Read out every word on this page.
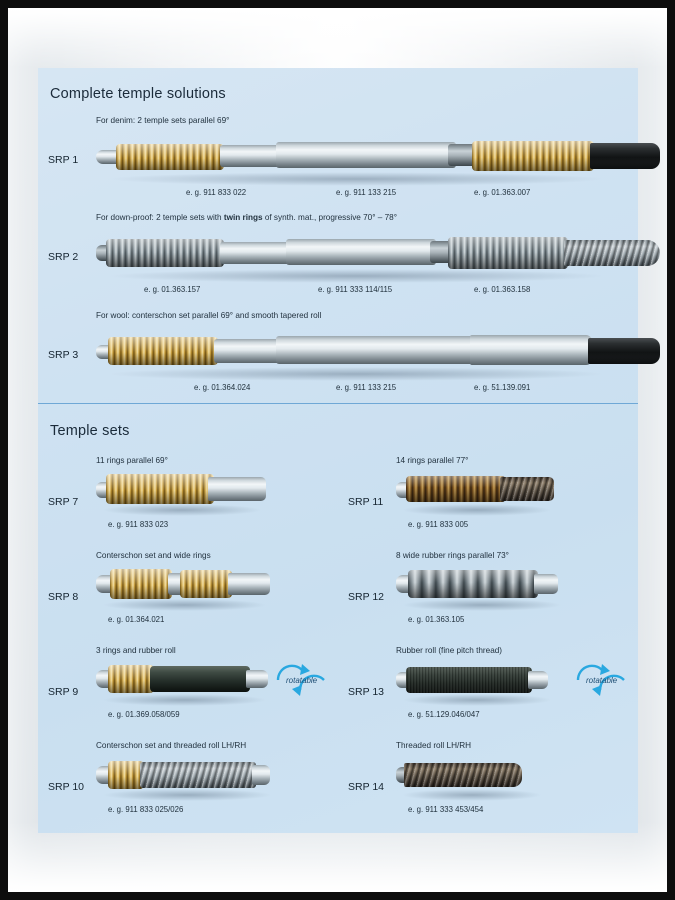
Complete temple solutions
SRP 1
For denim: 2 temple sets parallel 69°
e. g. 911 833 022	e. g. 911 133 215	e. g. 01.363.007
SRP 2
For down-proof: 2 temple sets with twin rings of synth. mat., progressive 70° – 78°
e. g. 01.363.157	e. g. 911 333 114/115	e. g. 01.363.158
SRP 3
For wool: conterschon set parallel 69° and smooth tapered roll
e. g. 01.364.024	e. g. 911 133 215	e. g. 51.139.091
Temple sets
SRP 7
11 rings parallel 69°
e. g. 911 833 023
SRP 11
14 rings parallel 77°
e. g. 911 833 005
SRP 8
Conterschon set and wide rings
e. g. 01.364.021
SRP 12
8 wide rubber rings parallel 73°
e. g. 01.363.105
SRP 9
3 rings and rubber roll
e. g. 01.369.058/059
rotatable
SRP 13
Rubber roll (fine pitch thread)
e. g. 51.129.046/047
rotatable
SRP 10
Conterschon set and threaded roll LH/RH
e. g. 911 833 025/026
SRP 14
Threaded roll LH/RH
e. g. 911 333 453/454
